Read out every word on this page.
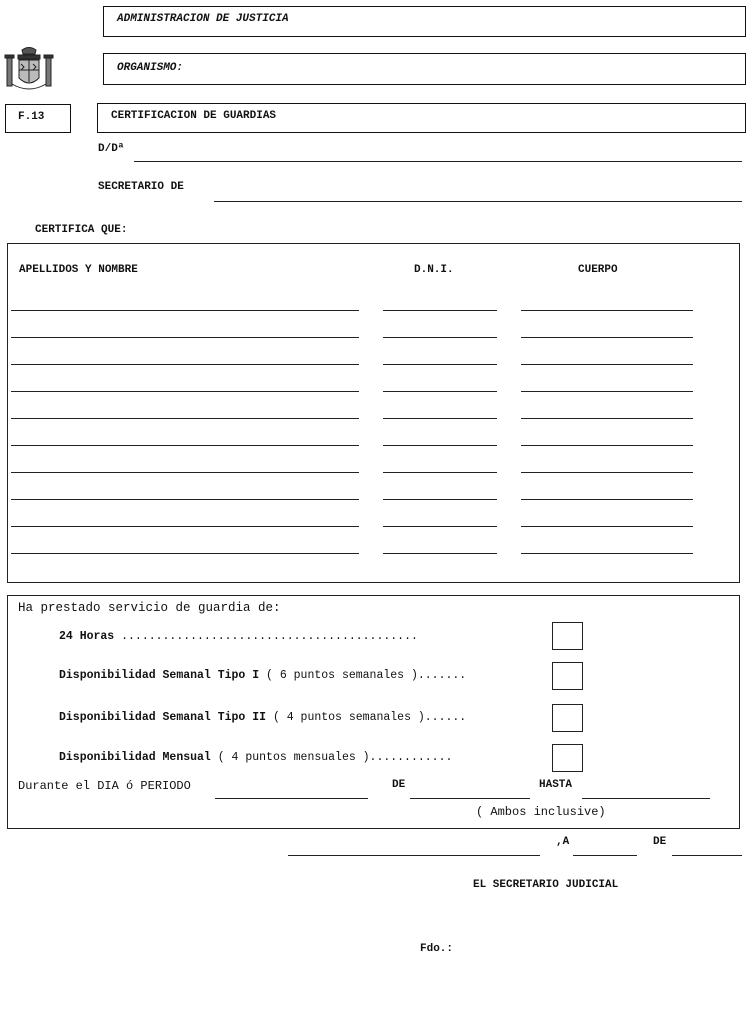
ADMINISTRACION DE JUSTICIA
ORGANISMO:
F.13	CERTIFICACION DE GUARDIAS
D/Dª
SECRETARIO DE
CERTIFICA QUE:
APELLIDOS Y NOMBRE	D.N.I.	CUERPO
Ha prestado servicio de guardia de:
24 Horas ...........................................
Disponibilidad Semanal Tipo I ( 6 puntos semanales ).......
Disponibilidad Semanal Tipo II ( 4 puntos semanales )......
Disponibilidad Mensual ( 4 puntos mensuales )............
Durante el DIA ó PERIODO	DE	HASTA
( Ambos inclusive)
,A	DE
EL SECRETARIO JUDICIAL
Fdo.:
